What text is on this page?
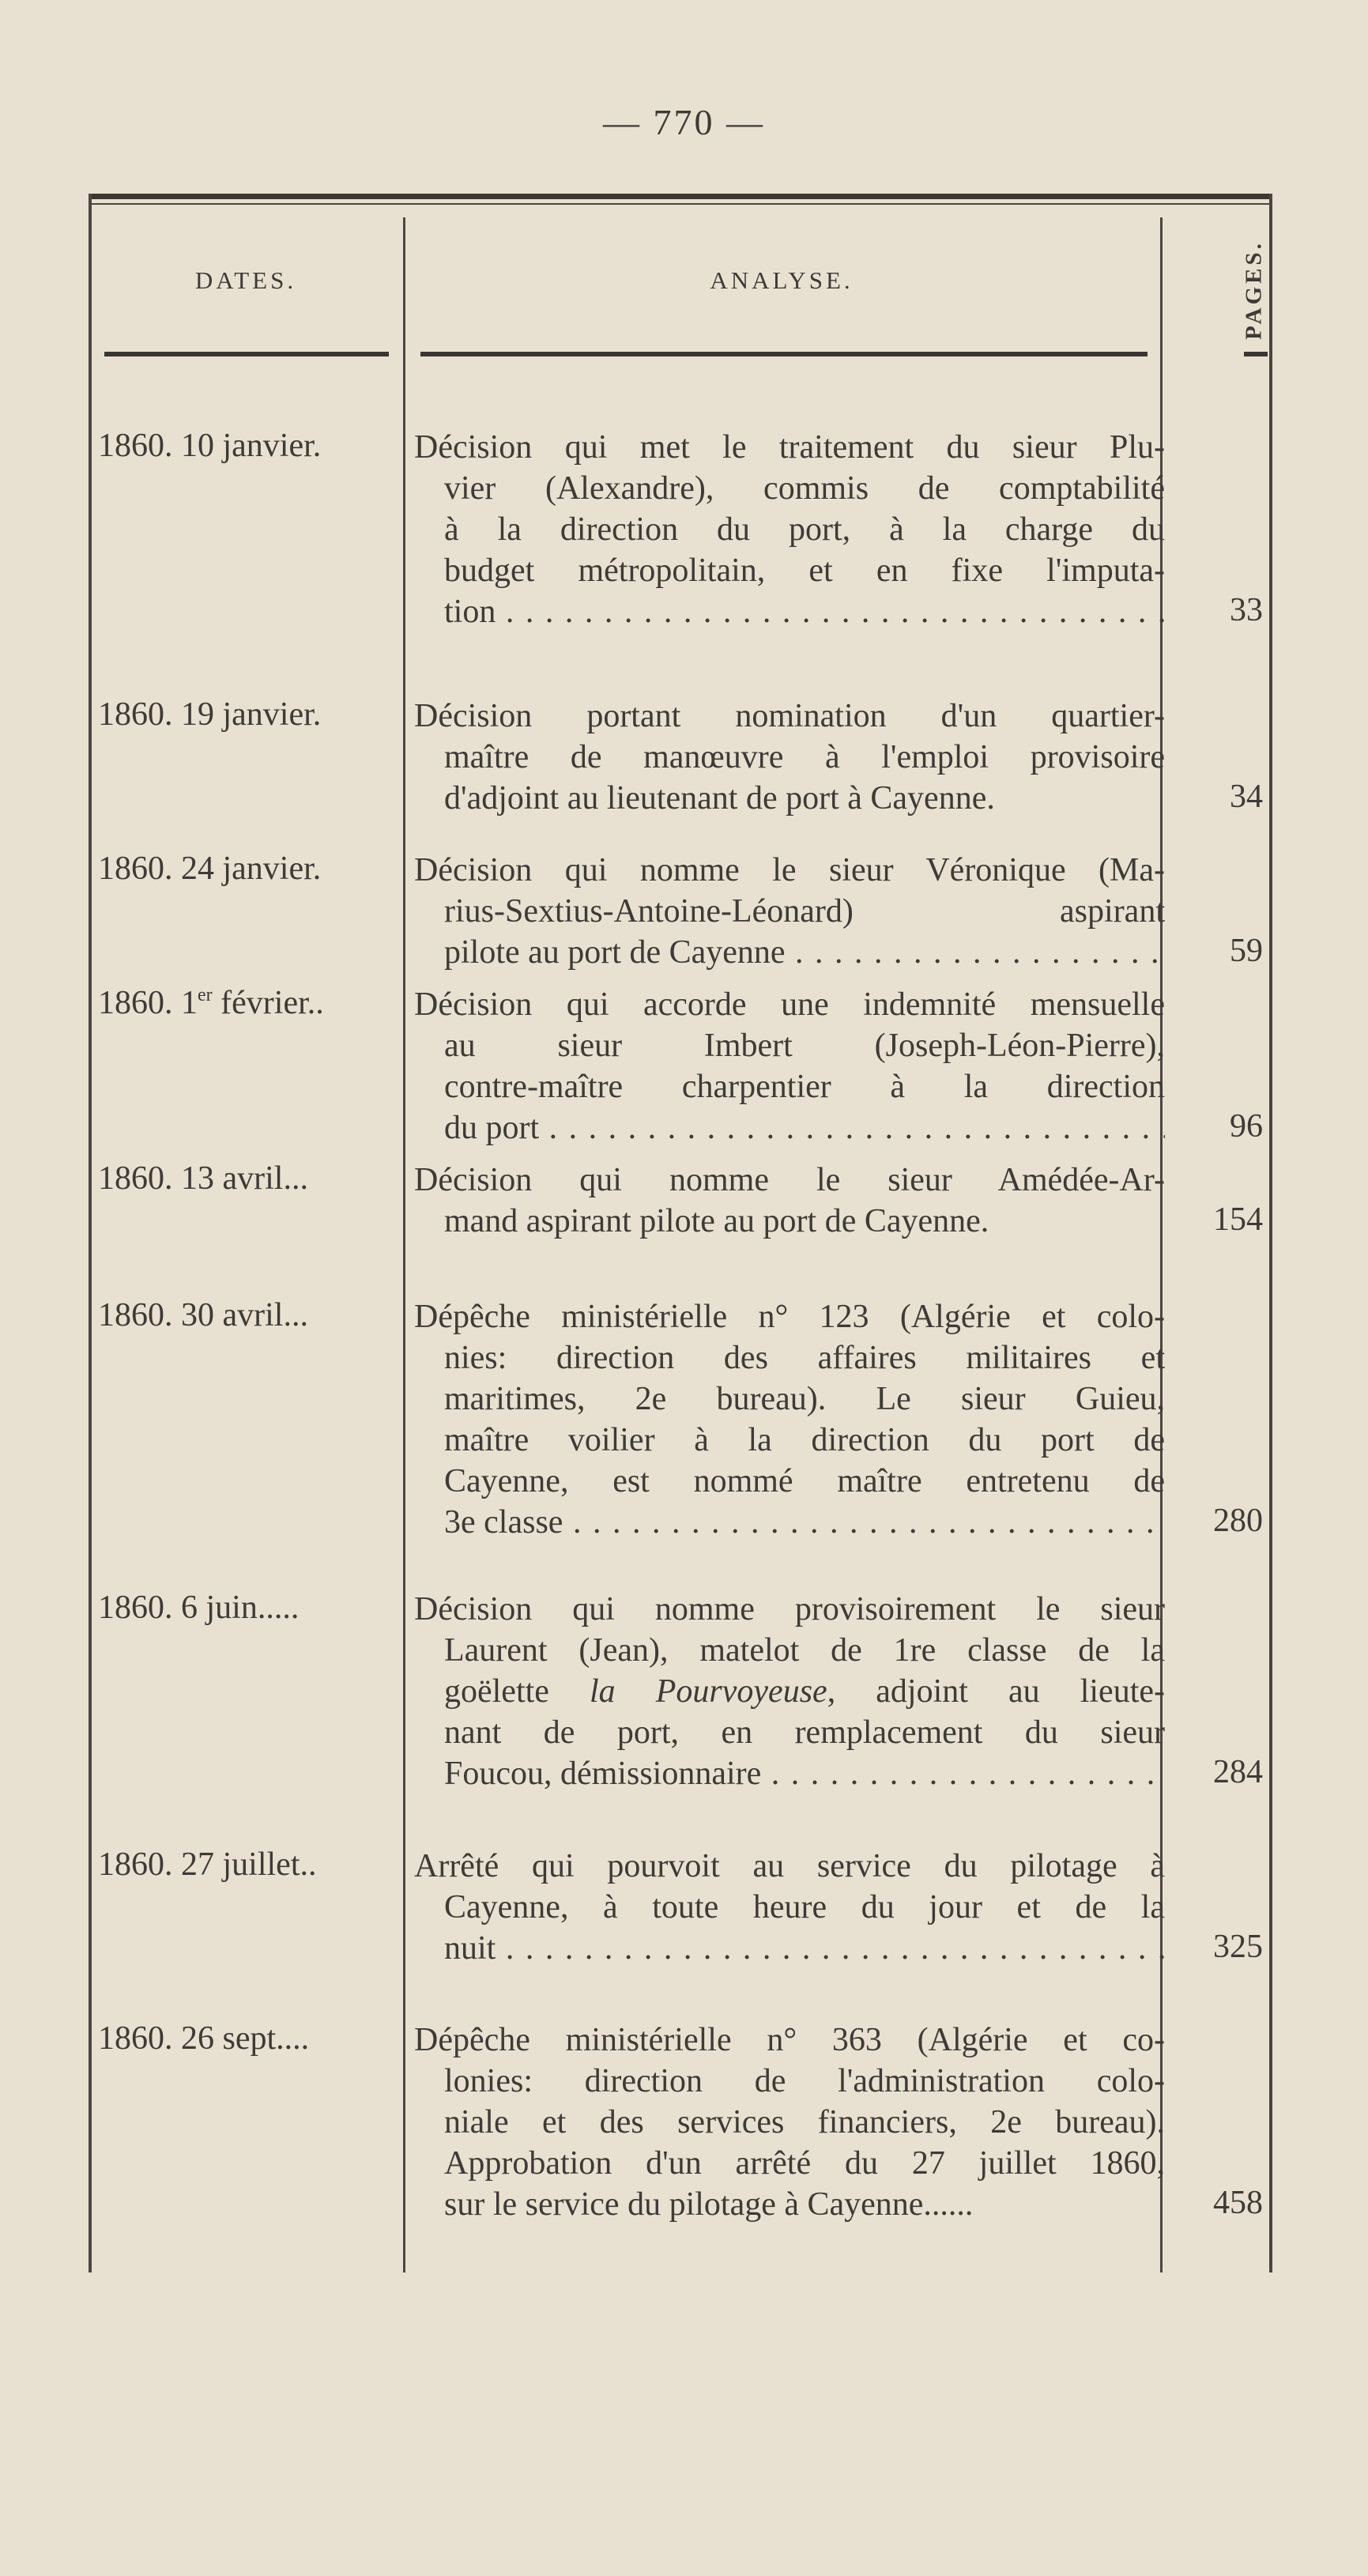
— 770 —
DATES.	ANALYSE.	PAGES.
1860. 10 janvier.	Décision qui met le traitement du sieur Plu-
vier (Alexandre), commis de comptabilité
à la direction du port, à la charge du
budget métropolitain, et en fixe l'imputa-
tion . . .	33
1860. 19 janvier.	Décision portant nomination d'un quartier-
maître de manœuvre à l'emploi provisoire
d'adjoint au lieutenant de port à Cayenne.	34
1860. 24 janvier.	Décision qui nomme le sieur Véronique (Ma-
rius-Sextius-Antoine-Léonard) aspirant
pilote au port de Cayenne . . .	59
1860. 1er février..	Décision qui accorde une indemnité mensuelle
au sieur Imbert (Joseph-Léon-Pierre),
contre-maître charpentier à la direction
du port . . .	96
1860. 13 avril...	Décision qui nomme le sieur Amédée-Ar-
mand aspirant pilote au port de Cayenne.	154
1860. 30 avril...	Dépêche ministérielle n° 123 (Algérie et colo-
nies: direction des affaires militaires et
maritimes, 2e bureau). Le sieur Guieu,
maître voilier à la direction du port de
Cayenne, est nommé maître entretenu de
3e classe . . .	280
1860. 6 juin.....	Décision qui nomme provisoirement le sieur
Laurent (Jean), matelot de 1re classe de la
goëlette la Pourvoyeuse, adjoint au lieute-
nant de port, en remplacement du sieur
Foucou, démissionnaire . . .	284
1860. 27 juillet..	Arrêté qui pourvoit au service du pilotage à
Cayenne, à toute heure du jour et de la
nuit . . .	325
1860. 26 sept....	Dépêche ministérielle n° 363 (Algérie et co-
lonies: direction de l'administration colo-
niale et des services financiers, 2e bureau).
Approbation d'un arrêté du 27 juillet 1860,
sur le service du pilotage à Cayenne......	458
